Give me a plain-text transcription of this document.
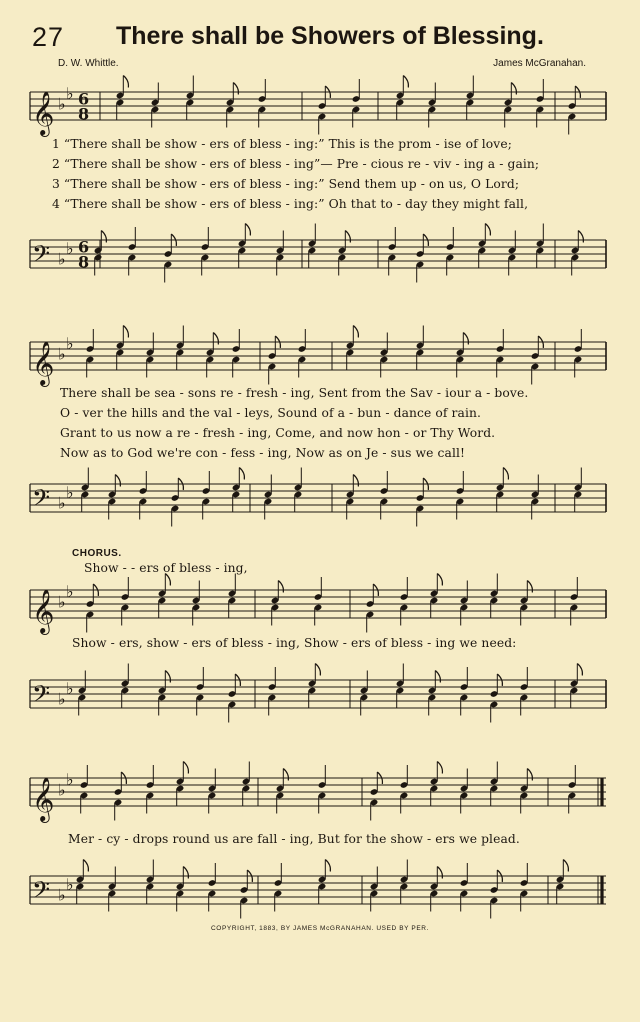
27 There shall be Showers of Blessing.
D. W. Whittle.	James McGranahan.
𝄞 ♭
♭ 6
8
1 “There shall be show - ers of bless - ing:” This is the prom - ise of love;
2 “There shall be show - ers of bless - ing”— Pre - cious re - viv - ing a - gain;
3 “There shall be show - ers of bless - ing:” Send them up - on us, O Lord;
4 “There shall be show - ers of bless - ing:” Oh that to - day they might fall,
𝄢 ♭
♭ 6
8
𝄞 ♭
♭
There shall be sea - sons re - fresh - ing, Sent from the Sav - iour a - bove.
O - ver the hills and the val - leys, Sound of a - bun - dance of rain.
Grant to us now a re - fresh - ing, Come, and now hon - or Thy Word.
Now as to God we're con - fess - ing, Now as on Je - sus we call!
𝄢 ♭
♭
CHORUS.
Show - - ers of bless - ing,
𝄞 ♭
♭
Show - ers, show - ers of bless - ing, Show - ers of bless - ing we need:
𝄢 ♭
♭
𝄞 ♭
♭
Mer - cy - drops round us are fall - ing, But for the show - ers we plead.
𝄢 ♭
♭
COPYRIGHT, 1883, BY JAMES McGRANAHAN. USED BY PER.
